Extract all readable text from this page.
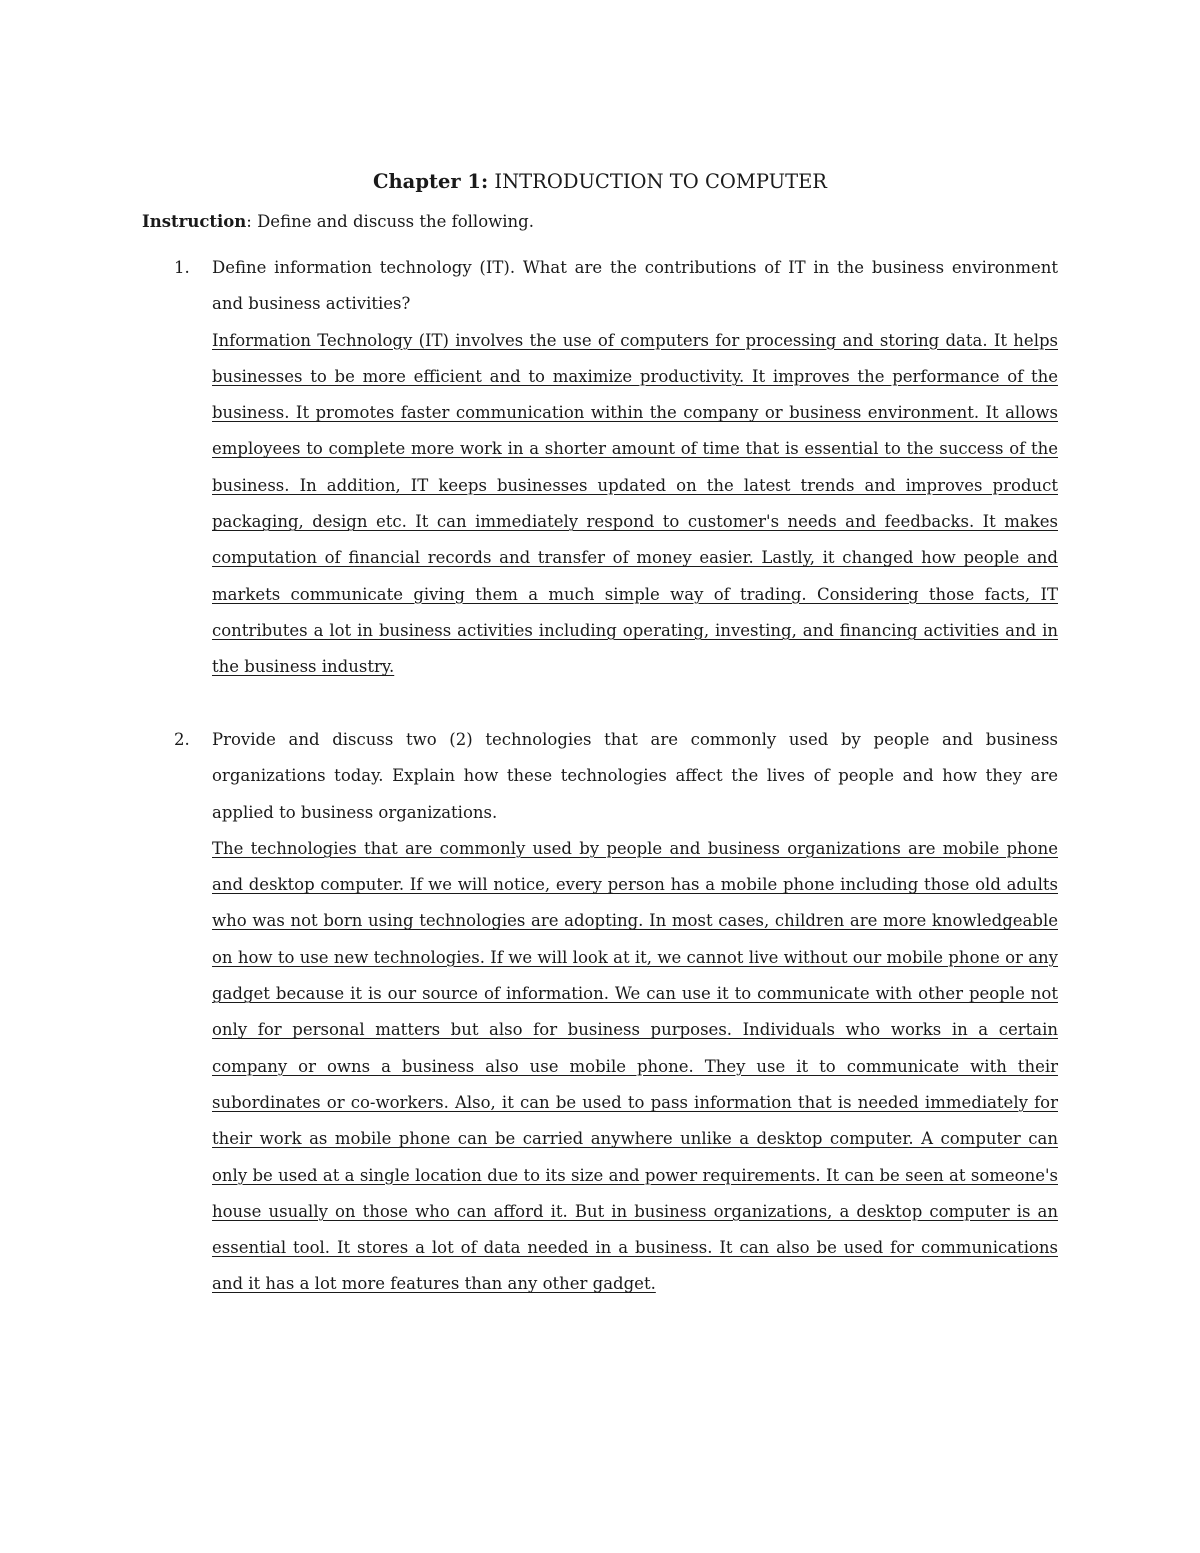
Chapter 1: INTRODUCTION TO COMPUTER

Instruction: Define and discuss the following.

1. Define information technology (IT). What are the contributions of IT in the business environment and business activities?

Information Technology (IT) involves the use of computers for processing and storing data. It helps businesses to be more efficient and to maximize productivity. It improves the performance of the business. It promotes faster communication within the company or business environment. It allows employees to complete more work in a shorter amount of time that is essential to the success of the business. In addition, IT keeps businesses updated on the latest trends and improves product packaging, design etc. It can immediately respond to customer's needs and feedbacks. It makes computation of financial records and transfer of money easier. Lastly, it changed how people and markets communicate giving them a much simple way of trading. Considering those facts, IT contributes a lot in business activities including operating, investing, and financing activities and in the business industry.

2. Provide and discuss two (2) technologies that are commonly used by people and business organizations today. Explain how these technologies affect the lives of people and how they are applied to business organizations.

The technologies that are commonly used by people and business organizations are mobile phone and desktop computer. If we will notice, every person has a mobile phone including those old adults who was not born using technologies are adopting. In most cases, children are more knowledgeable on how to use new technologies. If we will look at it, we cannot live without our mobile phone or any gadget because it is our source of information. We can use it to communicate with other people not only for personal matters but also for business purposes. Individuals who works in a certain company or owns a business also use mobile phone. They use it to communicate with their subordinates or co-workers. Also, it can be used to pass information that is needed immediately for their work as mobile phone can be carried anywhere unlike a desktop computer. A computer can only be used at a single location due to its size and power requirements. It can be seen at someone's house usually on those who can afford it. But in business organizations, a desktop computer is an essential tool. It stores a lot of data needed in a business. It can also be used for communications and it has a lot more features than any other gadget.
